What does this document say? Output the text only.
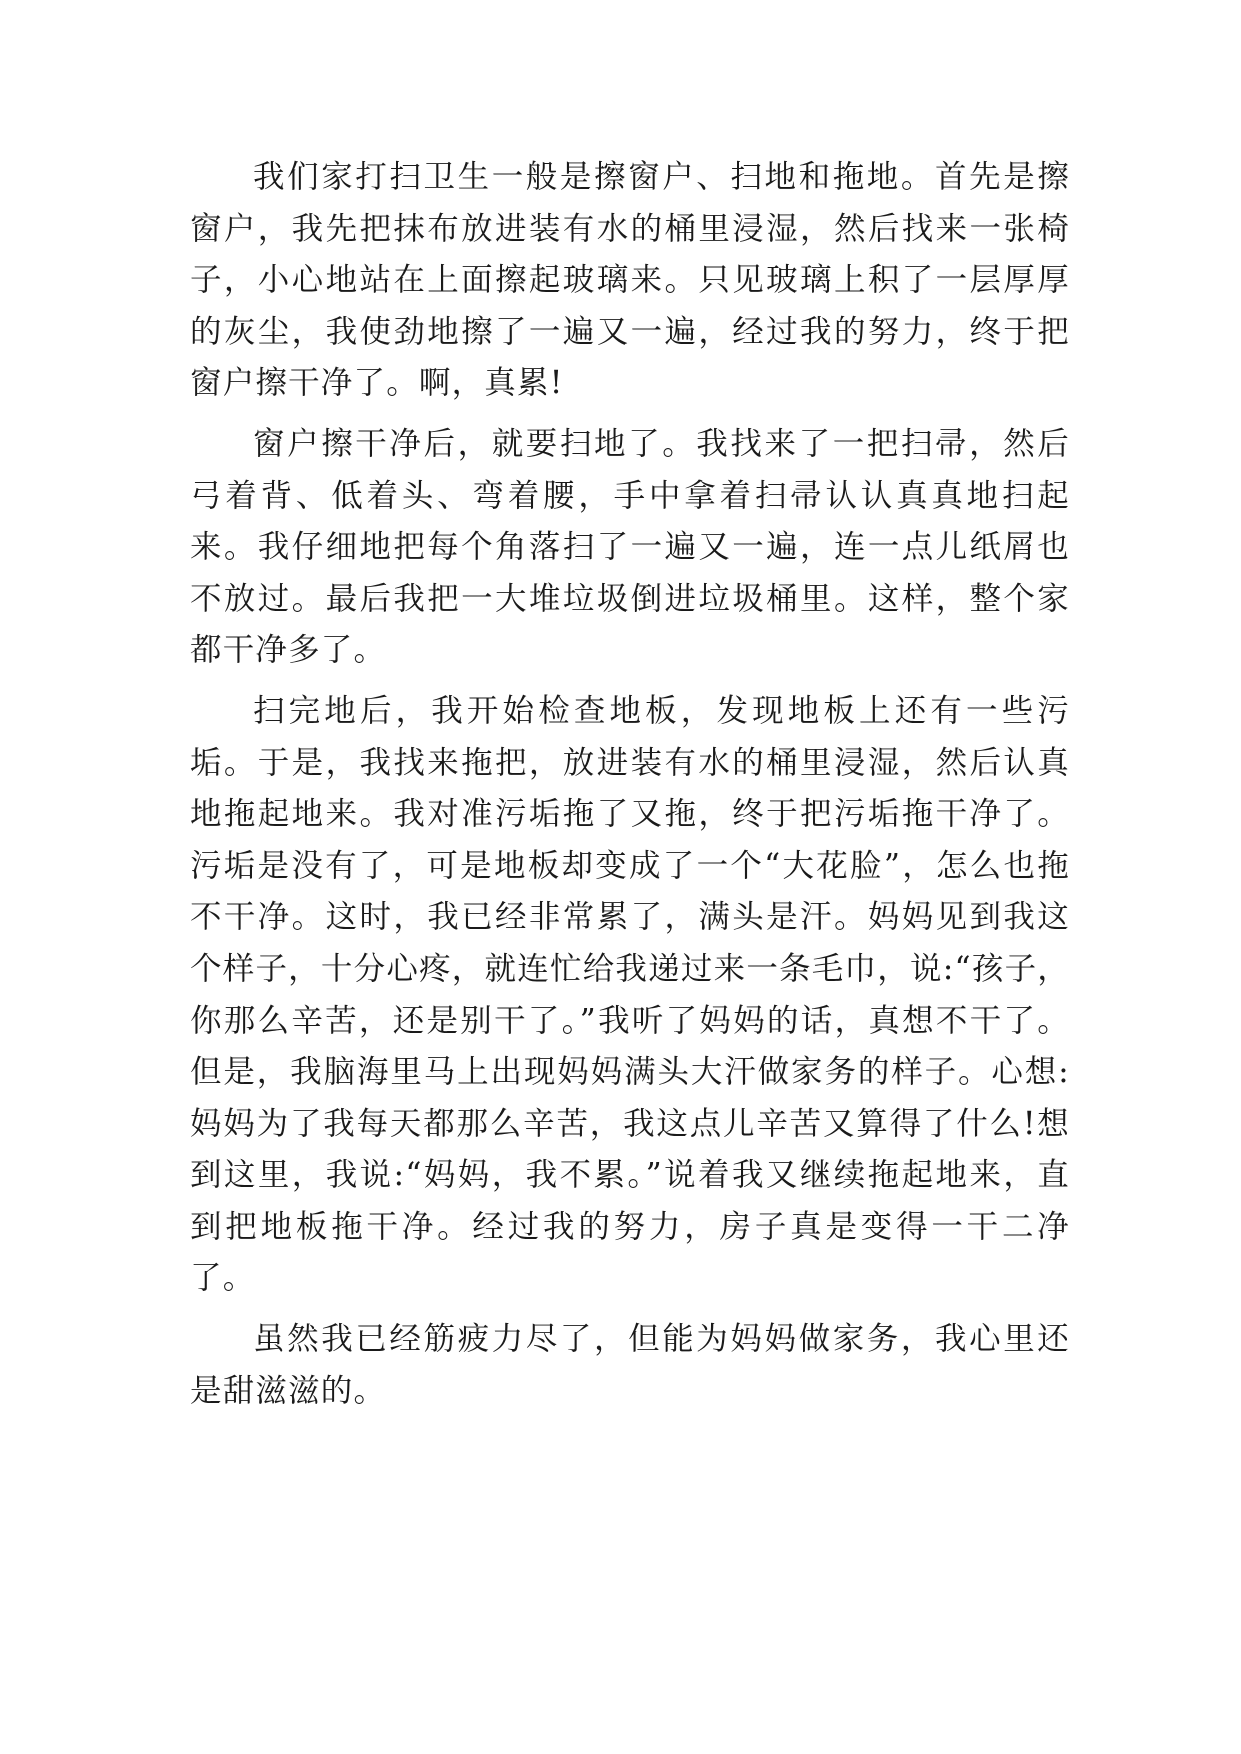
我们家打扫卫生一般是擦窗户、扫地和拖地。首先是擦窗户，我先把抹布放进装有水的桶里浸湿，然后找来一张椅子，小心地站在上面擦起玻璃来。只见玻璃上积了一层厚厚的灰尘，我使劲地擦了一遍又一遍，经过我的努力，终于把窗户擦干净了。啊，真累!

窗户擦干净后，就要扫地了。我找来了一把扫帚，然后弓着背、低着头、弯着腰，手中拿着扫帚认认真真地扫起来。我仔细地把每个角落扫了一遍又一遍，连一点儿纸屑也不放过。最后我把一大堆垃圾倒进垃圾桶里。这样，整个家都干净多了。

扫完地后，我开始检查地板，发现地板上还有一些污垢。于是，我找来拖把，放进装有水的桶里浸湿，然后认真地拖起地来。我对准污垢拖了又拖，终于把污垢拖干净了。污垢是没有了，可是地板却变成了一个“大花脸”，怎么也拖不干净。这时，我已经非常累了，满头是汗。妈妈见到我这个样子，十分心疼，就连忙给我递过来一条毛巾，说:“孩子，你那么辛苦，还是别干了。”我听了妈妈的话，真想不干了。但是，我脑海里马上出现妈妈满头大汗做家务的样子。心想:妈妈为了我每天都那么辛苦，我这点儿辛苦又算得了什么!想到这里，我说:“妈妈，我不累。”说着我又继续拖起地来，直到把地板拖干净。经过我的努力，房子真是变得一干二净了。

虽然我已经筋疲力尽了，但能为妈妈做家务，我心里还是甜滋滋的。
